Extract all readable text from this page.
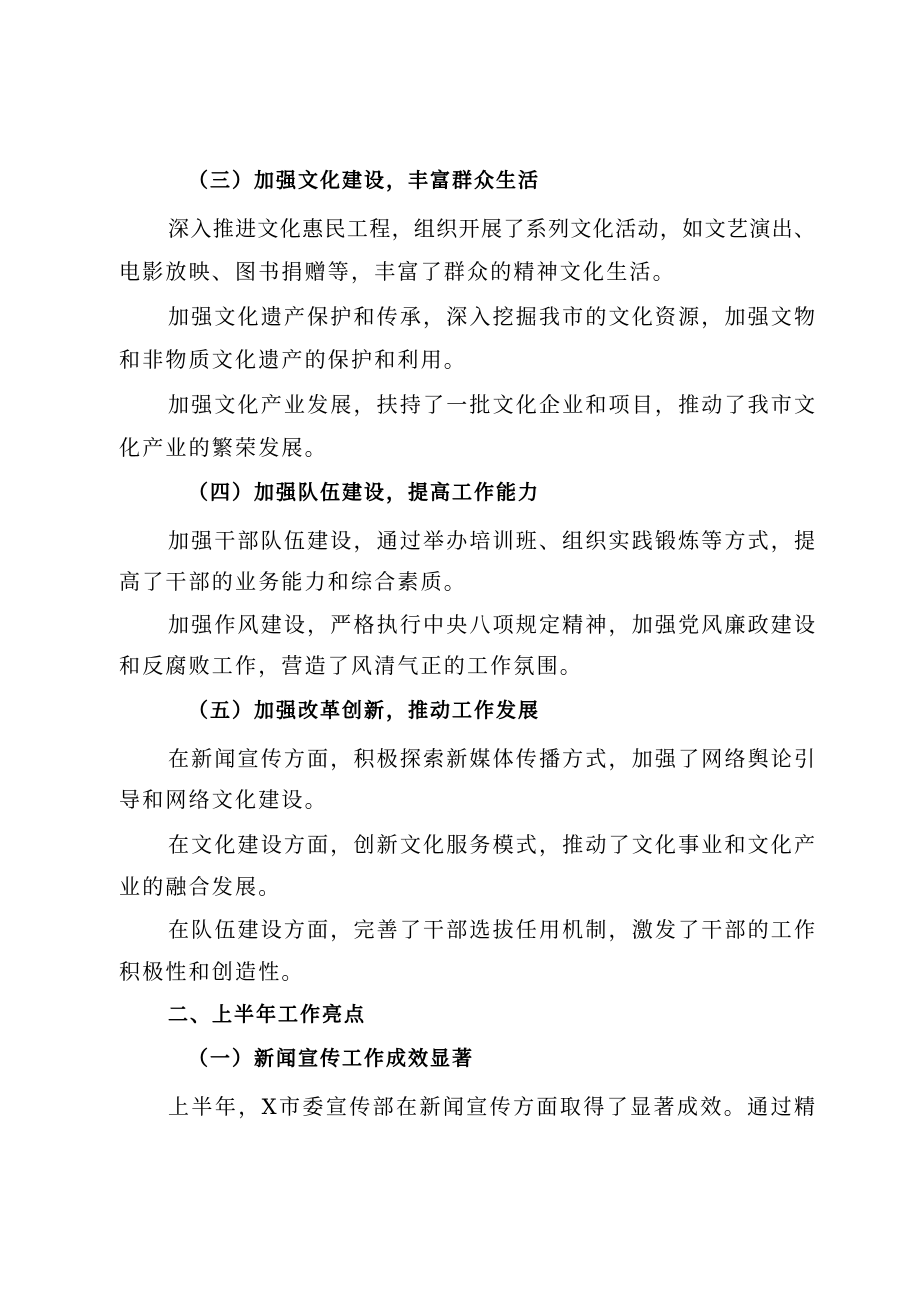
（三）加强文化建设，丰富群众生活
深入推进文化惠民工程，组织开展了系列文化活动，如文艺演出、
电影放映、图书捐赠等，丰富了群众的精神文化生活。
加强文化遗产保护和传承，深入挖掘我市的文化资源，加强文物
和非物质文化遗产的保护和利用。
加强文化产业发展，扶持了一批文化企业和项目，推动了我市文
化产业的繁荣发展。
（四）加强队伍建设，提高工作能力
加强干部队伍建设，通过举办培训班、组织实践锻炼等方式，提
高了干部的业务能力和综合素质。
加强作风建设，严格执行中央八项规定精神，加强党风廉政建设
和反腐败工作，营造了风清气正的工作氛围。
（五）加强改革创新，推动工作发展
在新闻宣传方面，积极探索新媒体传播方式，加强了网络舆论引
导和网络文化建设。
在文化建设方面，创新文化服务模式，推动了文化事业和文化产
业的融合发展。
在队伍建设方面，完善了干部选拔任用机制，激发了干部的工作
积极性和创造性。
二、上半年工作亮点
（一）新闻宣传工作成效显著
上半年，X市委宣传部在新闻宣传方面取得了显著成效。通过精
